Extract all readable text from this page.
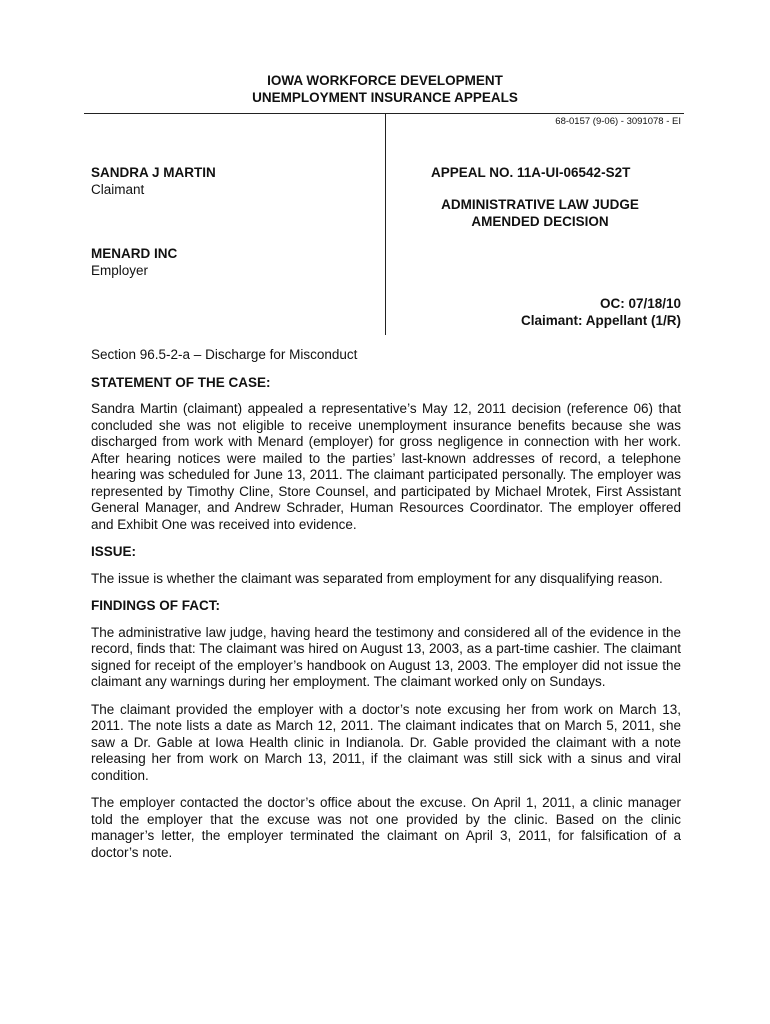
IOWA WORKFORCE DEVELOPMENT
UNEMPLOYMENT INSURANCE APPEALS
68-0157 (9-06) - 3091078 - EI
SANDRA J MARTIN
Claimant
MENARD INC
Employer
APPEAL NO. 11A-UI-06542-S2T
ADMINISTRATIVE LAW JUDGE
AMENDED DECISION
OC: 07/18/10
Claimant: Appellant (1/R)

Section 96.5-2-a – Discharge for Misconduct

STATEMENT OF THE CASE:

Sandra Martin (claimant) appealed a representative’s May 12, 2011 decision (reference 06) that concluded she was not eligible to receive unemployment insurance benefits because she was discharged from work with Menard (employer) for gross negligence in connection with her work. After hearing notices were mailed to the parties’ last-known addresses of record, a telephone hearing was scheduled for June 13, 2011. The claimant participated personally. The employer was represented by Timothy Cline, Store Counsel, and participated by Michael Mrotek, First Assistant General Manager, and Andrew Schrader, Human Resources Coordinator. The employer offered and Exhibit One was received into evidence.

ISSUE:

The issue is whether the claimant was separated from employment for any disqualifying reason.

FINDINGS OF FACT:

The administrative law judge, having heard the testimony and considered all of the evidence in the record, finds that: The claimant was hired on August 13, 2003, as a part-time cashier. The claimant signed for receipt of the employer’s handbook on August 13, 2003. The employer did not issue the claimant any warnings during her employment. The claimant worked only on Sundays.

The claimant provided the employer with a doctor’s note excusing her from work on March 13, 2011. The note lists a date as March 12, 2011. The claimant indicates that on March 5, 2011, she saw a Dr. Gable at Iowa Health clinic in Indianola. Dr. Gable provided the claimant with a note releasing her from work on March 13, 2011, if the claimant was still sick with a sinus and viral condition.

The employer contacted the doctor’s office about the excuse. On April 1, 2011, a clinic manager told the employer that the excuse was not one provided by the clinic. Based on the clinic manager’s letter, the employer terminated the claimant on April 3, 2011, for falsification of a doctor’s note.
